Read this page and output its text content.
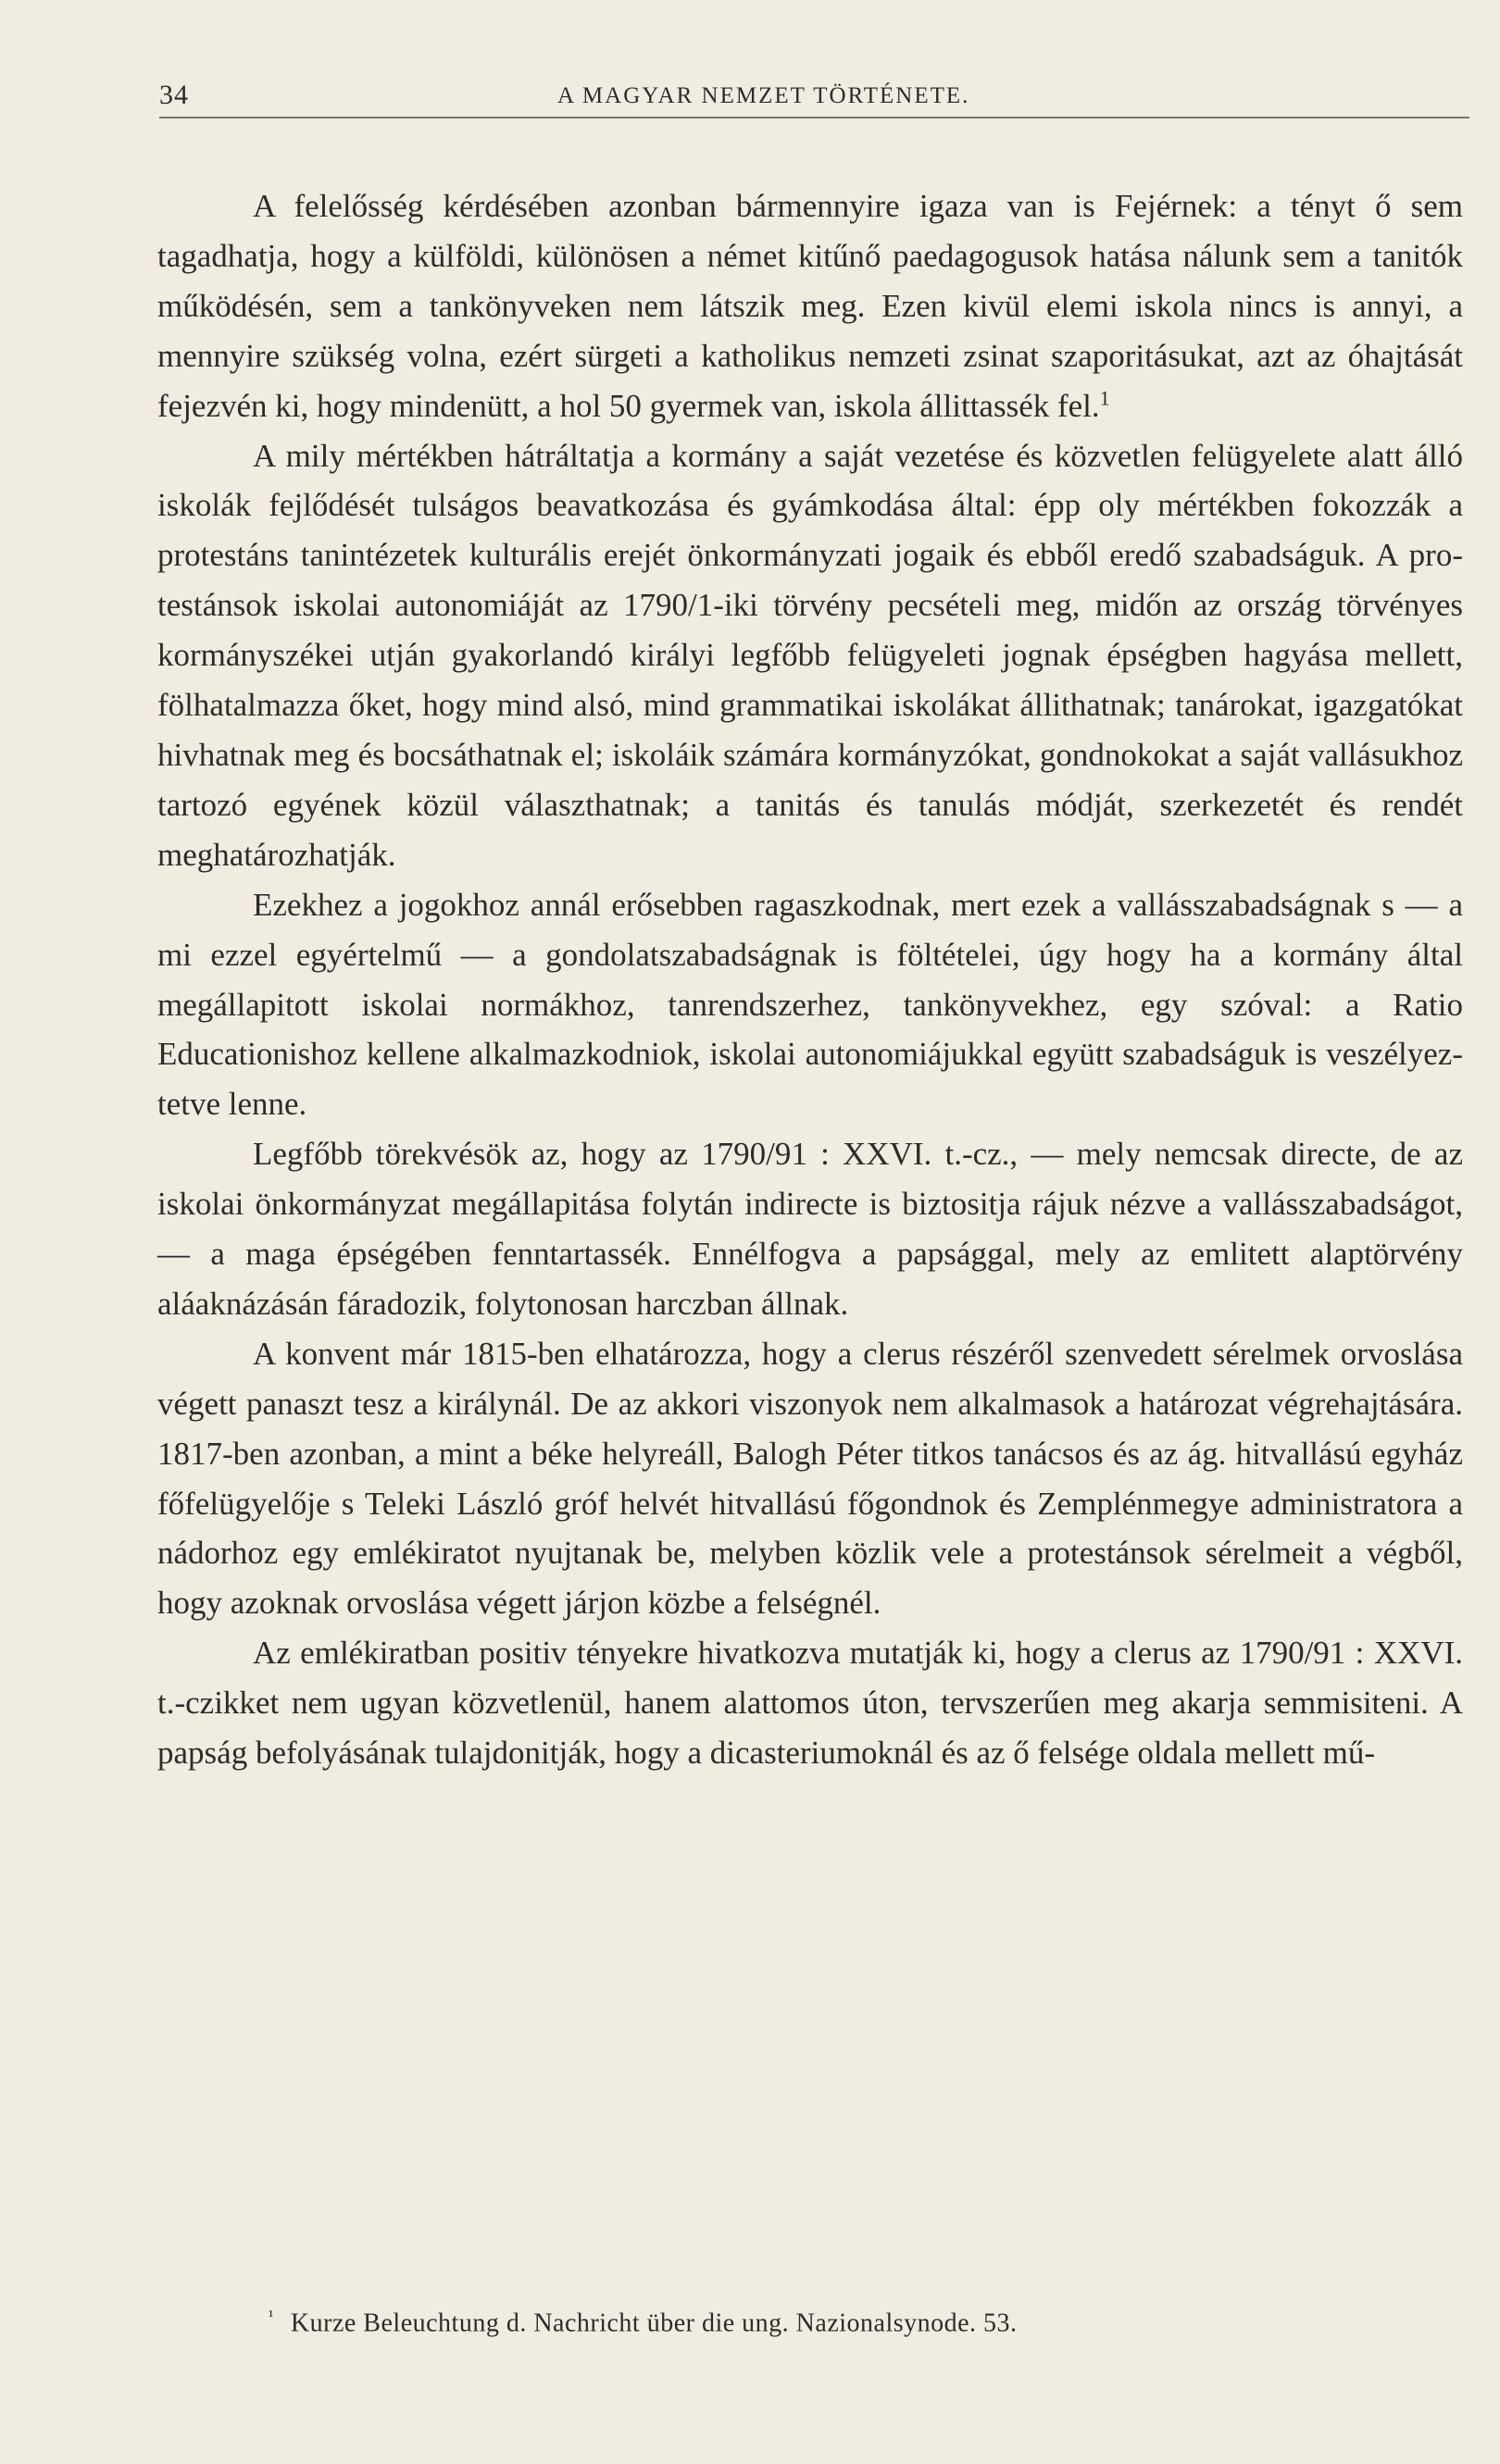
34	A MAGYAR NEMZET TÖRTÉNETE.

A felelősség kérdésében azonban bármennyire igaza van is Fejérnek: a tényt ő sem tagadhatja, hogy a külföldi, különösen a német kitűnő paedagogusok hatása nálunk sem a tanitók működésén, sem a tankönyveken nem látszik meg. Ezen kivül elemi iskola nincs is annyi, a mennyire szükség volna, ezért sürgeti a katholikus nemzeti zsinat szaporitásukat, azt az óhajtását fejezvén ki, hogy mindenütt, a hol 50 gyermek van, iskola állittassék fel.$^1$

A mily mértékben hátráltatja a kormány a saját vezetése és közvetlen felügyelete alatt álló iskolák fejlődését tulságos beavatkozása és gyámkodása által: épp oly mértékben fokozzák a protestáns tanintézetek kulturális erejét önkormányzati jogaik és ebből eredő szabadságuk. A protestánsok iskolai autonomiáját az 1790/1-iki törvény pecsételi meg, midőn az ország törvényes kormányszékei utján gyakorlandó királyi legfőbb felügyeleti jognak épségben hagyása mellett, fölhatalmazza őket, hogy mind alsó, mind grammatikai iskolákat állithatnak; tanárokat, igazgatókat hivhatnak meg és bocsáthatnak el; iskoláik számára kormányzókat, gondnokokat a saját vallásukhoz tartozó egyének közül választhatnak; a tanitás és tanulás módját, szerkezetét és rendét meghatározhatják.

Ezekhez a jogokhoz annál erősebben ragaszkodnak, mert ezek a vallásszabadságnak s — a mi ezzel egyértelmű — a gondolatszabadságnak is föltételei, úgy hogy ha a kormány által megállapitott iskolai normákhoz, tanrendszerhez, tankönyvekhez, egy szóval: a Ratio Educationishoz kellene alkalmazkodniok, iskolai autonomiájukkal együtt szabadságuk is veszélyeztetve lenne.

Legfőbb törekvésök az, hogy az 1790/91 : XXVI. t.-cz., — mely nemcsak directe, de az iskolai önkormányzat megállapitása folytán indirecte is biztositja rájuk nézve a vallásszabadságot, — a maga épségében fenntartassék. Ennélfogva a papsággal, mely az emlitett alaptörvény aláaknázásán fáradozik, folytonosan harczban állnak.

A konvent már 1815-ben elhatározza, hogy a clerus részéről szenvedett sérelmek orvoslása végett panaszt tesz a királynál. De az akkori viszonyok nem alkalmasok a határozat végrehajtására. 1817-ben azonban, a mint a béke helyreáll, Balogh Péter titkos tanácsos és az ág. hitvallású egyház főfelügyelője s Teleki László gróf helvét hitvallású főgondnok és Zemplénmegye administratora a nádorhoz egy emlékiratot nyujtanak be, melyben közlik vele a protestánsok sérelmeit a végből, hogy azoknak orvoslása végett járjon közbe a felségnél.

Az emlékiratban positiv tényekre hivatkozva mutatják ki, hogy a clerus az 1790/91 : XXVI. t.-czikket nem ugyan közvetlenül, hanem alattomos úton, tervszerűen meg akarja semmisiteni. A papság befolyásának tulajdonitják, hogy a dicasteriumoknál és az ő felsége oldala mellett mű-

$^{^1}$ Kurze Beleuchtung d. Nachricht über die ung. Nazionalsynode. 53.
